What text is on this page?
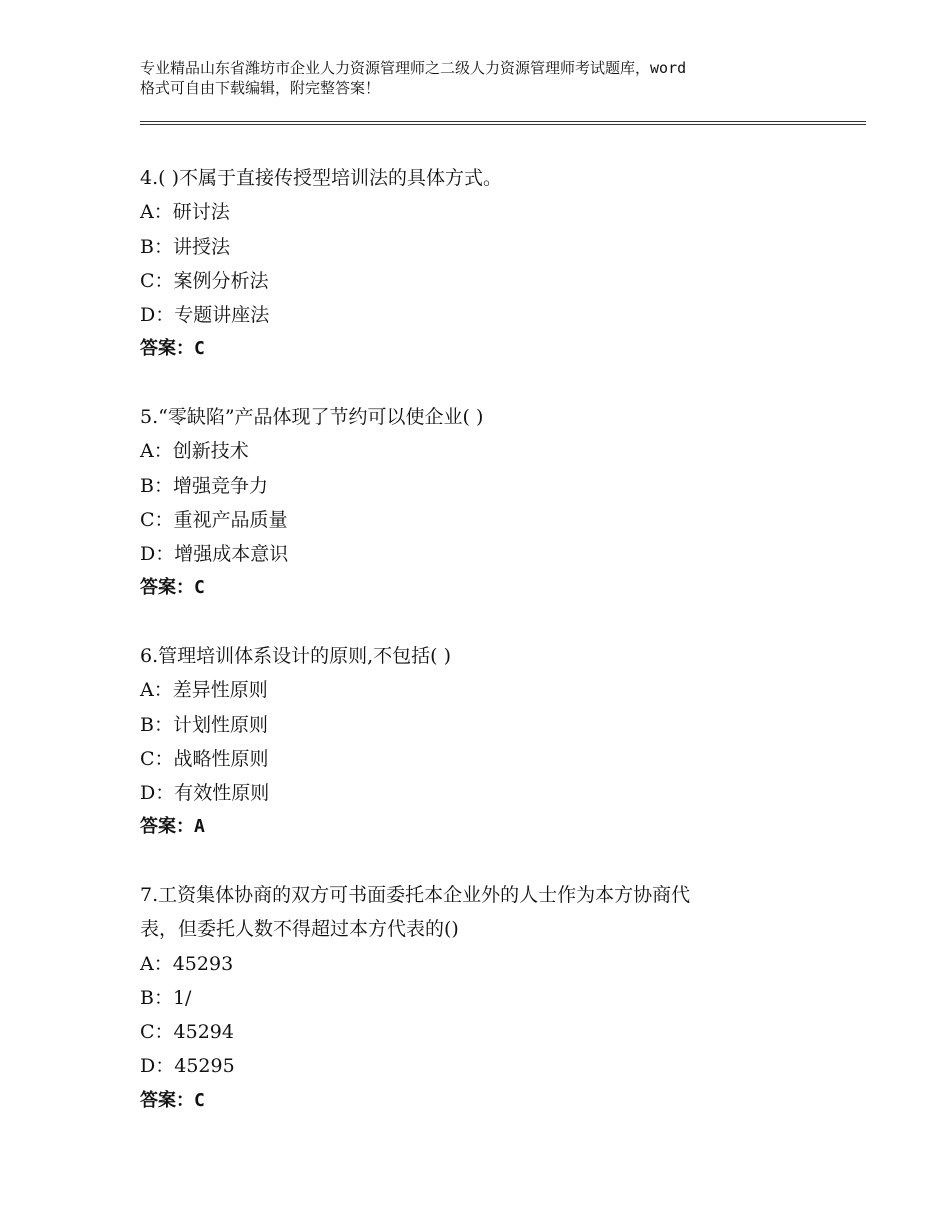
专业精品山东省潍坊市企业人力资源管理师之二级人力资源管理师考试题库，word
格式可自由下载编辑，附完整答案！
4.( )不属于直接传授型培训法的具体方式。
A：研讨法
B：讲授法
C：案例分析法
D：专题讲座法
答案：C
5.“零缺陷”产品体现了节约可以使企业( )
A：创新技术
B：增强竞争力
C：重视产品质量
D：增强成本意识
答案：C
6.管理培训体系设计的原则,不包括( )
A：差异性原则
B：计划性原则
C：战略性原则
D：有效性原则
答案：A
7.工资集体协商的双方可书面委托本企业外的人士作为本方协商代
表，但委托人数不得超过本方代表的()
A：45293
B：1/
C：45294
D：45295
答案：C
